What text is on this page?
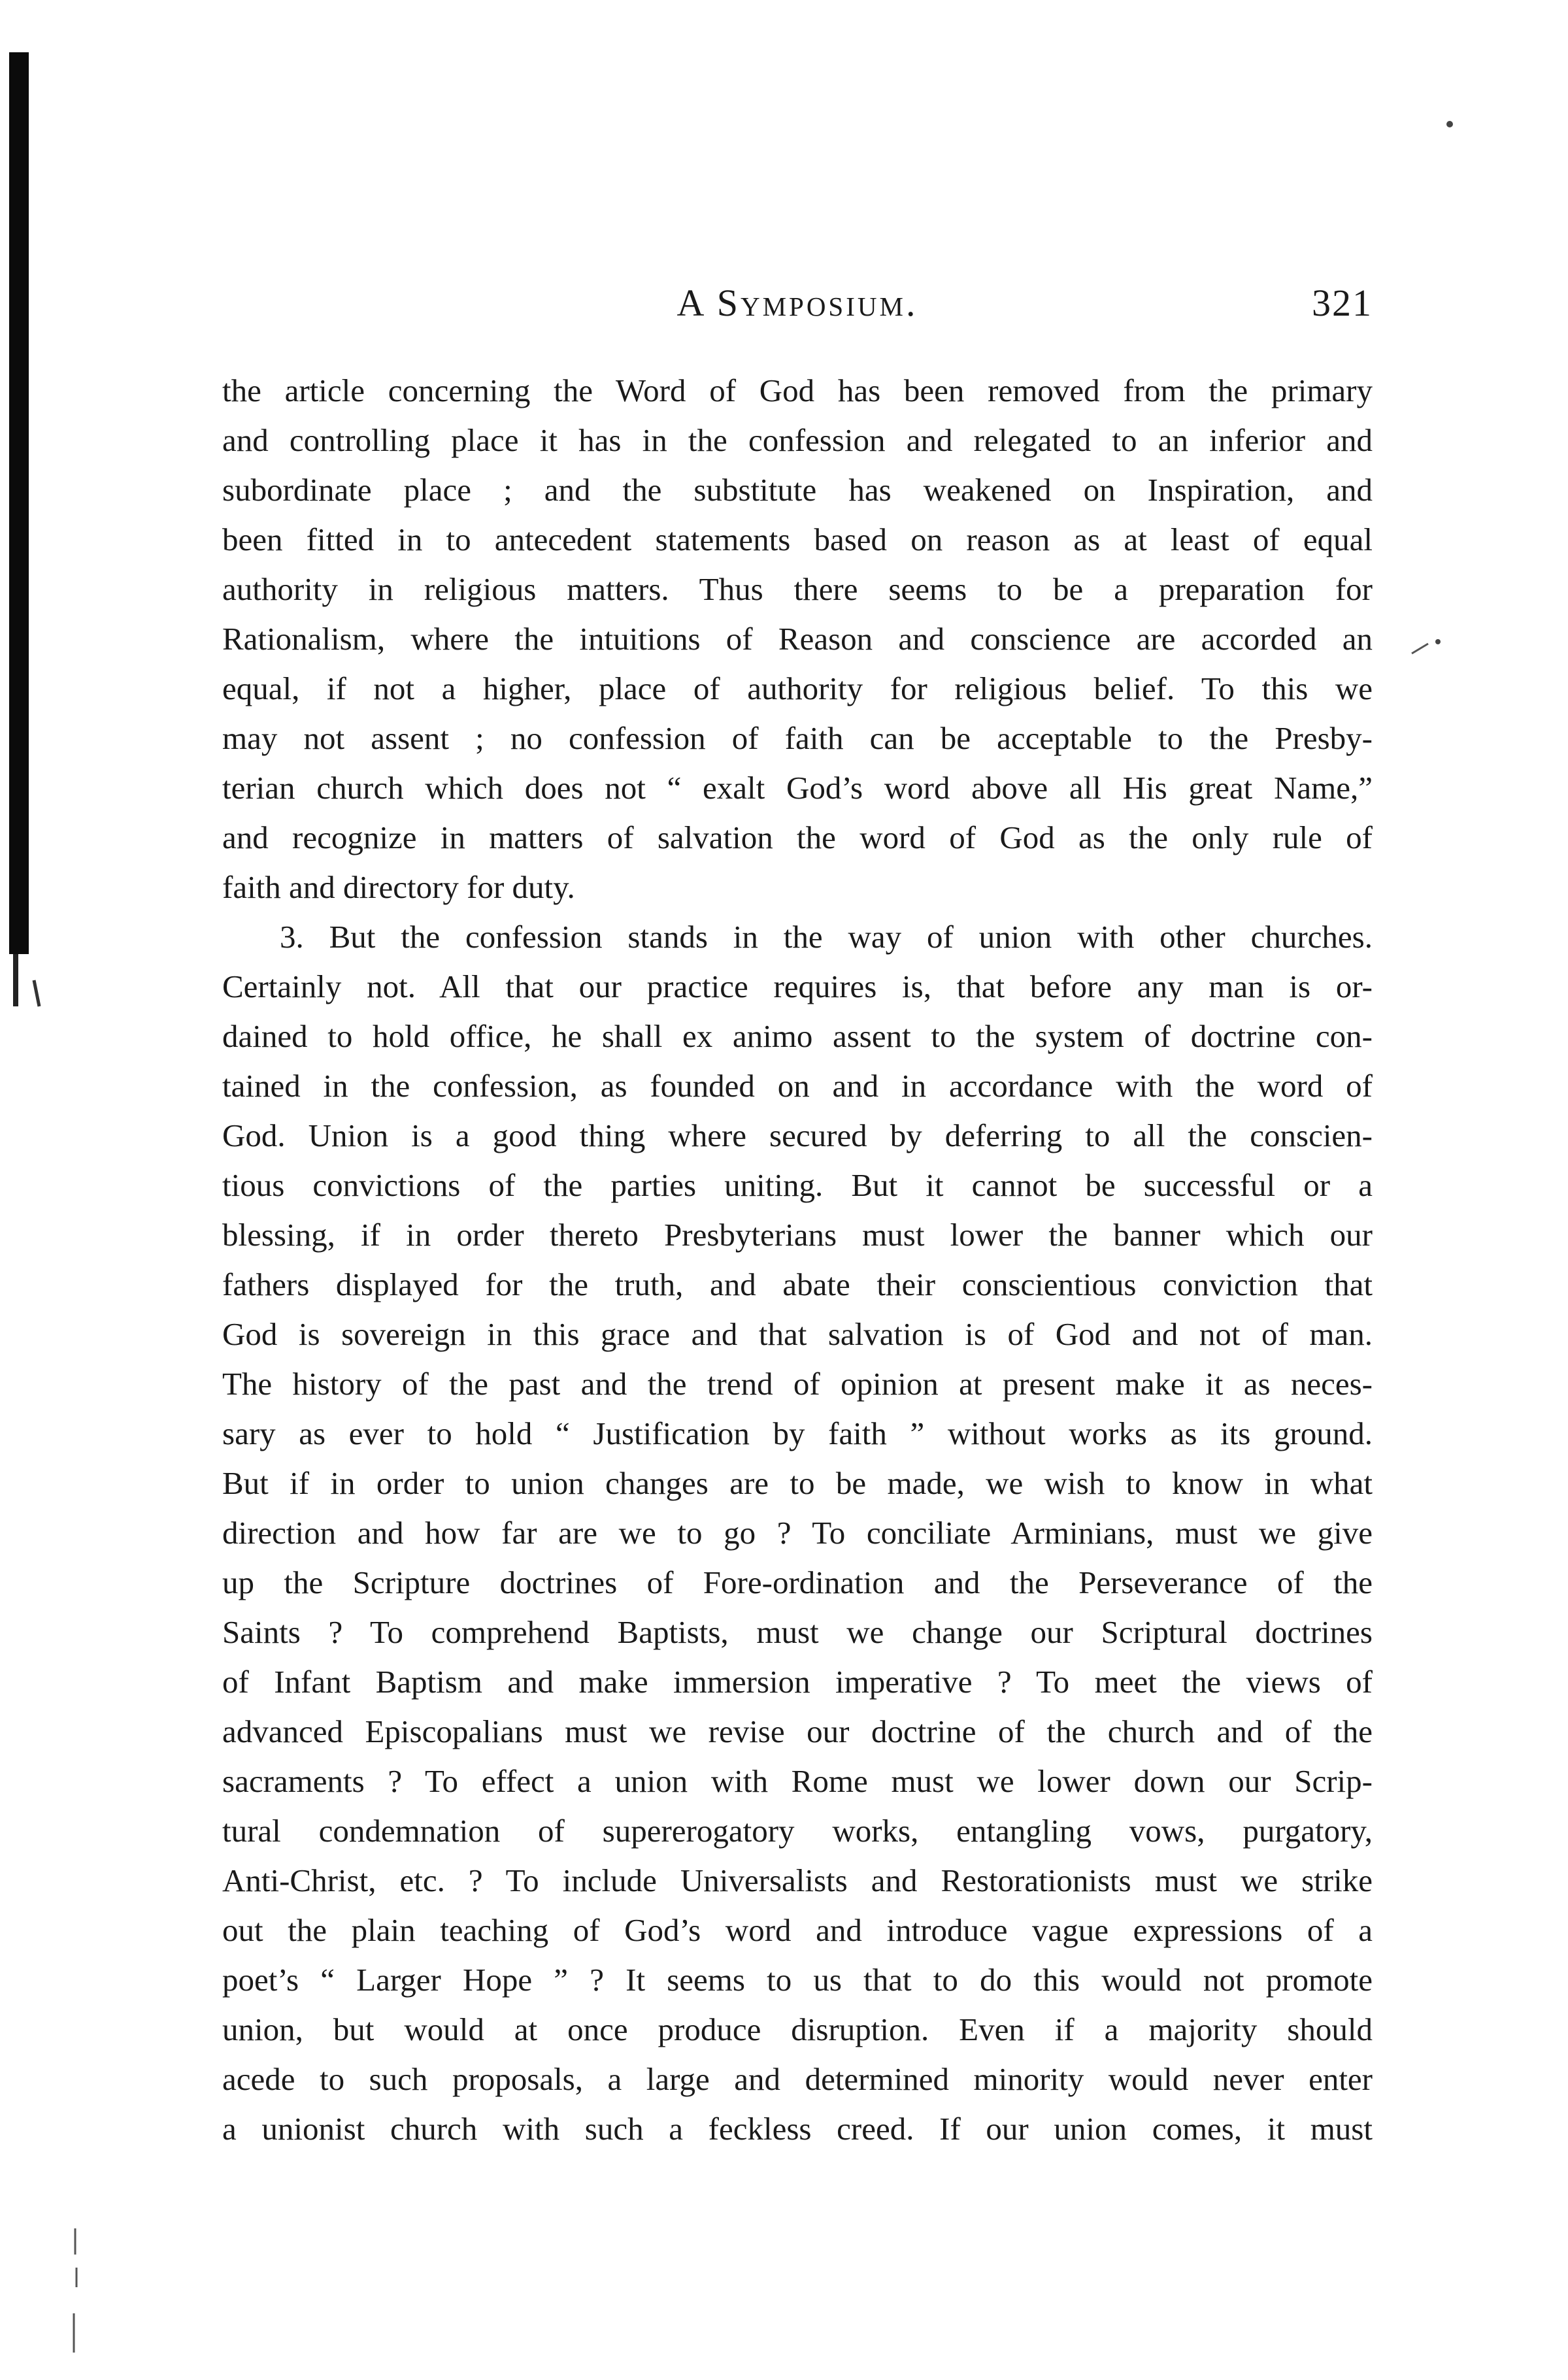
A Symposium.	321
the article concerning the Word of God has been removed from the primary
and controlling place it has in the confession and relegated to an inferior and
subordinate place ; and the substitute has weakened on Inspiration, and
been fitted in to antecedent statements based on reason as at least of equal
authority in religious matters. Thus there seems to be a preparation for
Rationalism, where the intuitions of Reason and conscience are accorded an
equal, if not a higher, place of authority for religious belief. To this we
may not assent ; no confession of faith can be acceptable to the Presby-
terian church which does not “ exalt God’s word above all His great Name,”
and recognize in matters of salvation the word of God as the only rule of
faith and directory for duty.
3. But the confession stands in the way of union with other churches.
Certainly not. All that our practice requires is, that before any man is or-
dained to hold office, he shall ex animo assent to the system of doctrine con-
tained in the confession, as founded on and in accordance with the word of
God. Union is a good thing where secured by deferring to all the conscien-
tious convictions of the parties uniting. But it cannot be successful or a
blessing, if in order thereto Presbyterians must lower the banner which our
fathers displayed for the truth, and abate their conscientious conviction that
God is sovereign in this grace and that salvation is of God and not of man.
The history of the past and the trend of opinion at present make it as neces-
sary as ever to hold “ Justification by faith ” without works as its ground.
But if in order to union changes are to be made, we wish to know in what
direction and how far are we to go ? To conciliate Arminians, must we give
up the Scripture doctrines of Fore-ordination and the Perseverance of the
Saints ? To comprehend Baptists, must we change our Scriptural doctrines
of Infant Baptism and make immersion imperative ? To meet the views of
advanced Episcopalians must we revise our doctrine of the church and of the
sacraments ? To effect a union with Rome must we lower down our Scrip-
tural condemnation of supererogatory works, entangling vows, purgatory,
Anti-Christ, etc. ? To include Universalists and Restorationists must we strike
out the plain teaching of God’s word and introduce vague expressions of a
poet’s “ Larger Hope ” ? It seems to us that to do this would not promote
union, but would at once produce disruption. Even if a majority should
acede to such proposals, a large and determined minority would never enter
a unionist church with such a feckless creed. If our union comes, it must
